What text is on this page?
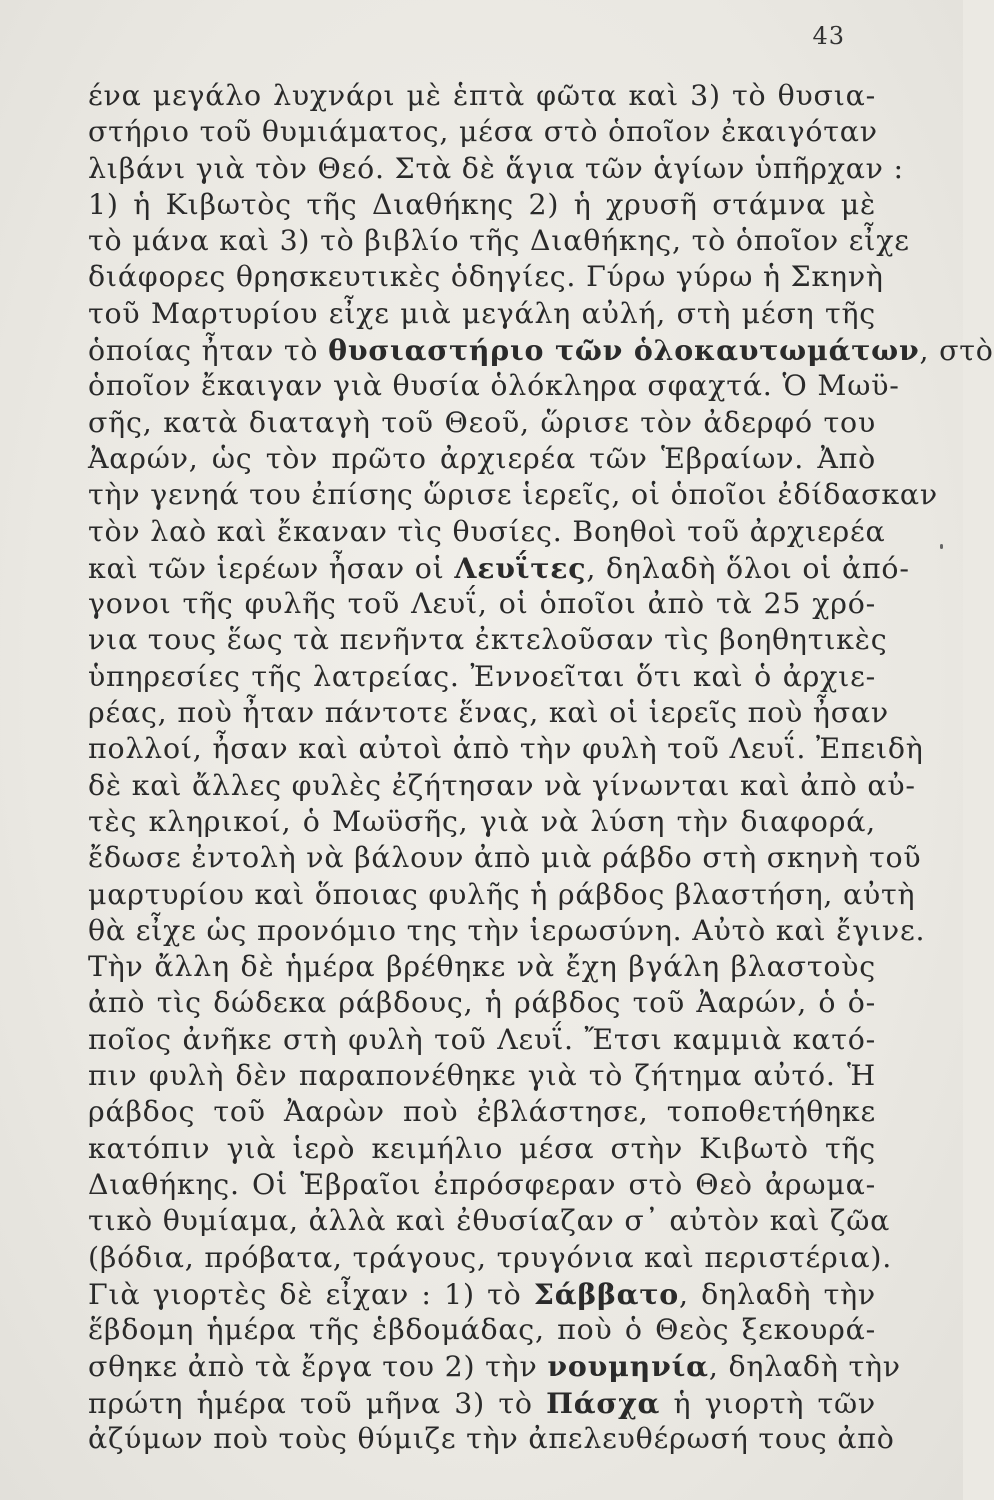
43
ένα μεγάλο λυχνάρι μὲ ἑπτὰ φῶτα καὶ 3) τὸ θυσια-
στήριο τοῦ θυμιάματος, μέσα στὸ ὁποῖον ἐκαιγόταν
λιβάνι γιὰ τὸν Θεό. Στὰ δὲ ἅγια τῶν ἁγίων ὑπῆρχαν :
1) ἡ Κιβωτὸς τῆς Διαθήκης 2) ἡ χρυσῆ στάμνα μὲ
τὸ μάνα καὶ 3) τὸ βιβλίο τῆς Διαθήκης, τὸ ὁποῖον εἶχε
διάφορες θρησκευτικὲς ὁδηγίες. Γύρω γύρω ἡ Σκηνὴ
τοῦ Μαρτυρίου εἶχε μιὰ μεγάλη αὐλή, στὴ μέση τῆς
ὁποίας ἦταν τὸ θυσιαστήριο τῶν ὁλοκαυτωμάτων, στὸ
ὁποῖον ἔκαιγαν γιὰ θυσία ὁλόκληρα σφαχτά. Ὁ Μωϋ-
σῆς, κατὰ διαταγὴ τοῦ Θεοῦ, ὥρισε τὸν ἀδερφό του
Ἀαρών, ὡς τὸν πρῶτο ἀρχιερέα τῶν Ἑβραίων. Ἀπὸ
τὴν γενηά του ἐπίσης ὥρισε ἱερεῖς, οἱ ὁποῖοι ἐδίδασκαν
τὸν λαὸ καὶ ἔκαναν τὶς θυσίες. Βοηθοὶ τοῦ ἀρχιερέα
καὶ τῶν ἱερέων ἦσαν οἱ Λευΐτες, δηλαδὴ ὅλοι οἱ ἀπό-
γονοι τῆς φυλῆς τοῦ Λευΐ, οἱ ὁποῖοι ἀπὸ τὰ 25 χρό-
νια τους ἕως τὰ πενῆντα ἐκτελοῦσαν τὶς βοηθητικὲς
ὑπηρεσίες τῆς λατρείας. Ἐννοεῖται ὅτι καὶ ὁ ἀρχιε-
ρέας, ποὺ ἦταν πάντοτε ἕνας, καὶ οἱ ἱερεῖς ποὺ ἦσαν
πολλοί, ἦσαν καὶ αὐτοὶ ἀπὸ τὴν φυλὴ τοῦ Λευΐ. Ἐπειδὴ
δὲ καὶ ἄλλες φυλὲς ἐζήτησαν νὰ γίνωνται καὶ ἀπὸ αὐ-
τὲς κληρικοί, ὁ Μωϋσῆς, γιὰ νὰ λύση τὴν διαφορά,
ἔδωσε ἐντολὴ νὰ βάλουν ἀπὸ μιὰ ράβδο στὴ σκηνὴ τοῦ
μαρτυρίου καὶ ὅποιας φυλῆς ἡ ράβδος βλαστήση, αὐτὴ
θὰ εἶχε ὡς προνόμιο της τὴν ἱερωσύνη. Αὐτὸ καὶ ἔγινε.
Τὴν ἄλλη δὲ ἡμέρα βρέθηκε νὰ ἔχη βγάλη βλαστοὺς
ἀπὸ τὶς δώδεκα ράβδους, ἡ ράβδος τοῦ Ἀαρών, ὁ ὁ-
ποῖος ἀνῆκε στὴ φυλὴ τοῦ Λευΐ. Ἔτσι καμμιὰ κατό-
πιν φυλὴ δὲν παραπονέθηκε γιὰ τὸ ζήτημα αὐτό. Ἡ
ράβδος τοῦ Ἀαρὼν ποὺ ἐβλάστησε, τοποθετήθηκε
κατόπιν γιὰ ἱερὸ κειμήλιο μέσα στὴν Κιβωτὸ τῆς
Διαθήκης. Οἱ Ἑβραῖοι ἐπρόσφεραν στὸ Θεὸ ἀρωμα-
τικὸ θυμίαμα, ἀλλὰ καὶ ἐθυσίαζαν σ᾽ αὐτὸν καὶ ζῶα
(βόδια, πρόβατα, τράγους, τρυγόνια καὶ περιστέρια).
Γιὰ γιορτὲς δὲ εἶχαν : 1) τὸ Σάββατο, δηλαδὴ τὴν
ἕβδομη ἡμέρα τῆς ἑβδομάδας, ποὺ ὁ Θεὸς ξεκουρά-
σθηκε ἀπὸ τὰ ἔργα του 2) τὴν νουμηνία, δηλαδὴ τὴν
πρώτη ἡμέρα τοῦ μῆνα 3) τὸ Πάσχα ἡ γιορτὴ τῶν
ἀζύμων ποὺ τοὺς θύμιζε τὴν ἀπελευθέρωσή τους ἀπὸ
